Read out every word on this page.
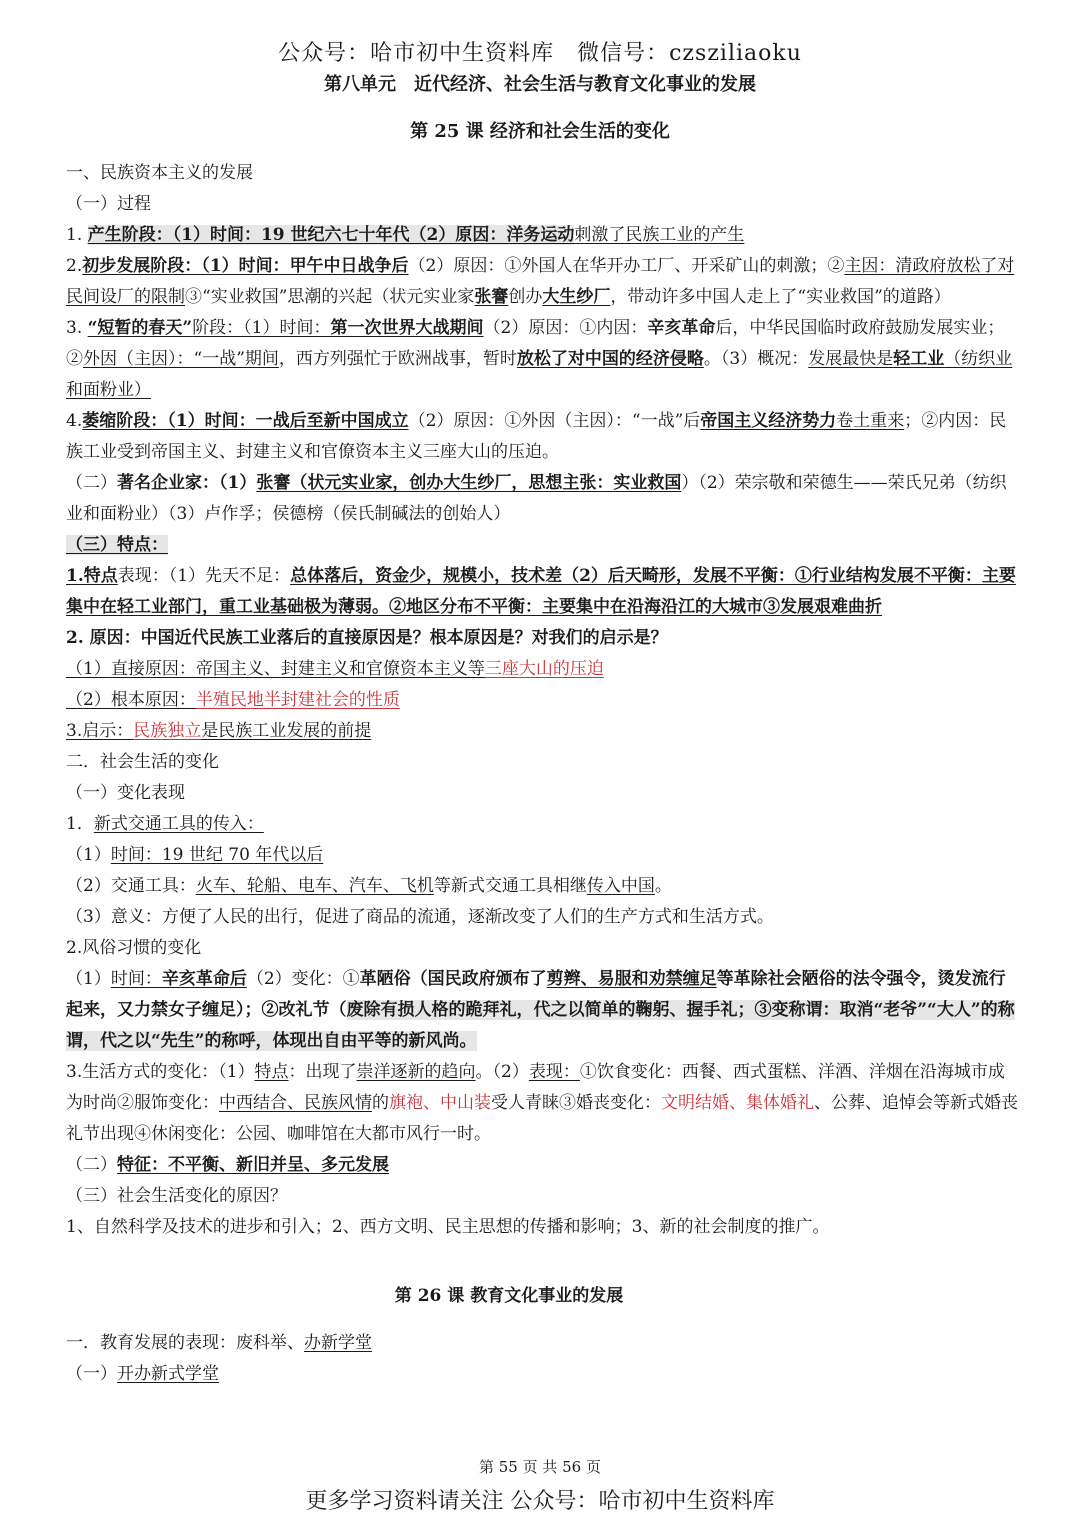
公众号：哈市初中生资料库　微信号：czsziliaoku
第八单元　近代经济、社会生活与教育文化事业的发展
第 25 课 经济和社会生活的变化

一、民族资本主义的发展

（一）过程

1. 产生阶段：（1）时间：19 世纪六七十年代（2）原因：洋务运动刺激了民族工业的产生

2.初步发展阶段：（1）时间：甲午中日战争后（2）原因：①外国人在华开办工厂、开采矿山的刺激；②主因：清政府放松了对民间设厂的限制③“实业救国”思潮的兴起（状元实业家张謇创办大生纱厂，带动许多中国人走上了“实业救国”的道路）

3. “短暂的春天”阶段：（1）时间：第一次世界大战期间（2）原因：①内因：辛亥革命后，中华民国临时政府鼓励发展实业；②外因（主因）：“一战”期间，西方列强忙于欧洲战事，暂时放松了对中国的经济侵略。（3）概况：发展最快是轻工业（纺织业和面粉业）

4.萎缩阶段：（1）时间：一战后至新中国成立（2）原因：①外因（主因）：“一战”后帝国主义经济势力卷土重来；②内因：民族工业受到帝国主义、封建主义和官僚资本主义三座大山的压迫。

（二）著名企业家：（1）张謇（状元实业家，创办大生纱厂，思想主张：实业救国）（2）荣宗敬和荣德生——荣氏兄弟（纺织业和面粉业）（3）卢作孚；侯德榜（侯氏制碱法的创始人）

（三）特点：

1.特点表现：（1）先天不足：总体落后，资金少，规模小，技术差（2）后天畸形，发展不平衡：①行业结构发展不平衡：主要集中在轻工业部门，重工业基础极为薄弱。②地区分布不平衡：主要集中在沿海沿江的大城市③发展艰难曲折

2. 原因：中国近代民族工业落后的直接原因是？根本原因是？对我们的启示是？

（1）直接原因：帝国主义、封建主义和官僚资本主义等三座大山的压迫

（2）根本原因：半殖民地半封建社会的性质

3.启示：民族独立是民族工业发展的前提

二．社会生活的变化

（一）变化表现

1．新式交通工具的传入：

（1）时间：19 世纪 70 年代以后

（2）交通工具：火车、轮船、电车、汽车、飞机等新式交通工具相继传入中国。

（3）意义：方便了人民的出行，促进了商品的流通，逐渐改变了人们的生产方式和生活方式。

2.风俗习惯的变化

（1）时间：辛亥革命后（2）变化：①革陋俗（国民政府颁布了剪辫、易服和劝禁缠足等革除社会陋俗的法令强令，烫发流行起来，又力禁女子缠足）；②改礼节（废除有损人格的跪拜礼，代之以简单的鞠躬、握手礼；③变称谓：取消“老爷”“大人”的称谓，代之以“先生”的称呼，体现出自由平等的新风尚。

3.生活方式的变化：（1）特点：出现了崇洋逐新的趋向。（2）表现：①饮食变化：西餐、西式蛋糕、洋酒、洋烟在沿海城市成为时尚②服饰变化：中西结合、民族风情的旗袍、中山装受人青睐③婚丧变化：文明结婚、集体婚礼、公葬、追悼会等新式婚丧礼节出现④休闲变化：公园、咖啡馆在大都市风行一时。

（二）特征：不平衡、新旧并呈、多元发展

（三）社会生活变化的原因？

1、自然科学及技术的进步和引入；2、西方文明、民主思想的传播和影响；3、新的社会制度的推广。

第 26 课 教育文化事业的发展

一．教育发展的表现：废科举、办新学堂

（一）开办新式学堂

第 55 页 共 56 页
更多学习资料请关注 公众号：哈市初中生资料库
